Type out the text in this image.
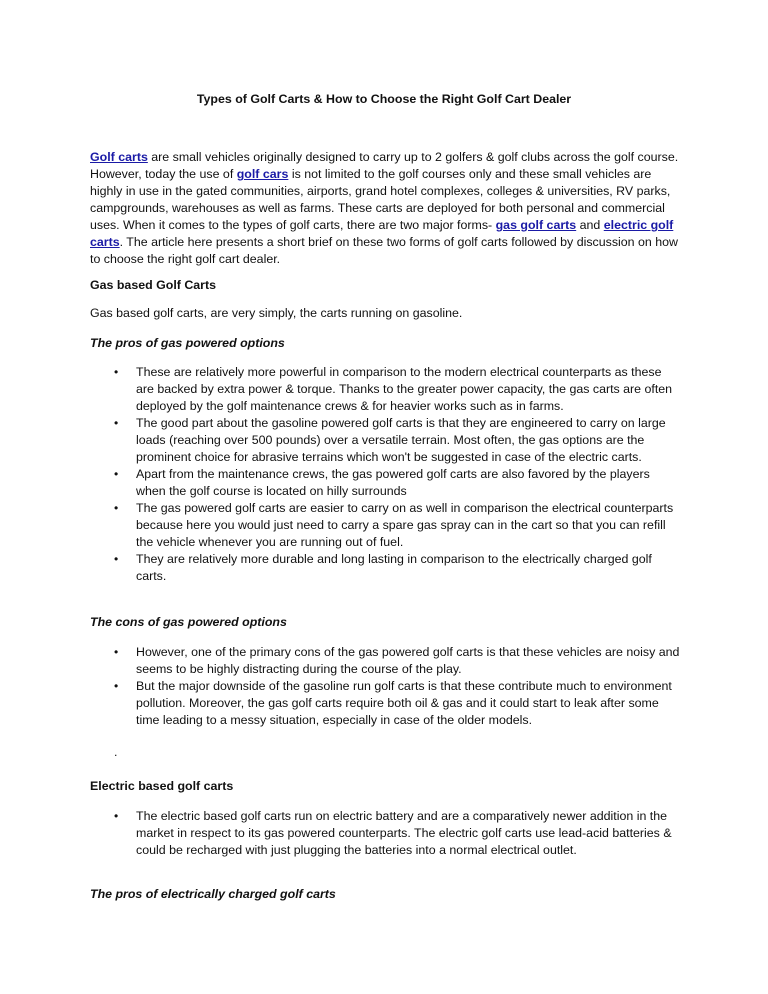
Types of Golf Carts & How to Choose the Right Golf Cart Dealer

Golf carts are small vehicles originally designed to carry up to 2 golfers & golf clubs across the golf course. However, today the use of golf cars is not limited to the golf courses only and these small vehicles are highly in use in the gated communities, airports, grand hotel complexes, colleges & universities, RV parks, campgrounds, warehouses as well as farms. These carts are deployed for both personal and commercial uses. When it comes to the types of golf carts, there are two major forms- gas golf carts and electric golf carts. The article here presents a short brief on these two forms of golf carts followed by discussion on how to choose the right golf cart dealer.

Gas based Golf Carts

Gas based golf carts, are very simply, the carts running on gasoline.

The pros of gas powered options
• These are relatively more powerful in comparison to the modern electrical counterparts as these are backed by extra power & torque. Thanks to the greater power capacity, the gas carts are often deployed by the golf maintenance crews & for heavier works such as in farms.
• The good part about the gasoline powered golf carts is that they are engineered to carry on large loads (reaching over 500 pounds) over a versatile terrain. Most often, the gas options are the prominent choice for abrasive terrains which won't be suggested in case of the electric carts.
• Apart from the maintenance crews, the gas powered golf carts are also favored by the players when the golf course is located on hilly surrounds
• The gas powered golf carts are easier to carry on as well in comparison the electrical counterparts because here you would just need to carry a spare gas spray can in the cart so that you can refill the vehicle whenever you are running out of fuel.
• They are relatively more durable and long lasting in comparison to the electrically charged golf carts.
The cons of gas powered options
• However, one of the primary cons of the gas powered golf carts is that these vehicles are noisy and seems to be highly distracting during the course of the play.
• But the major downside of the gasoline run golf carts is that these contribute much to environment pollution. Moreover, the gas golf carts require both oil & gas and it could start to leak after some time leading to a messy situation, especially in case of the older models.
.
Electric based golf carts
• The electric based golf carts run on electric battery and are a comparatively newer addition in the market in respect to its gas powered counterparts. The electric golf carts use lead-acid batteries & could be recharged with just plugging the batteries into a normal electrical outlet.
The pros of electrically charged golf carts
